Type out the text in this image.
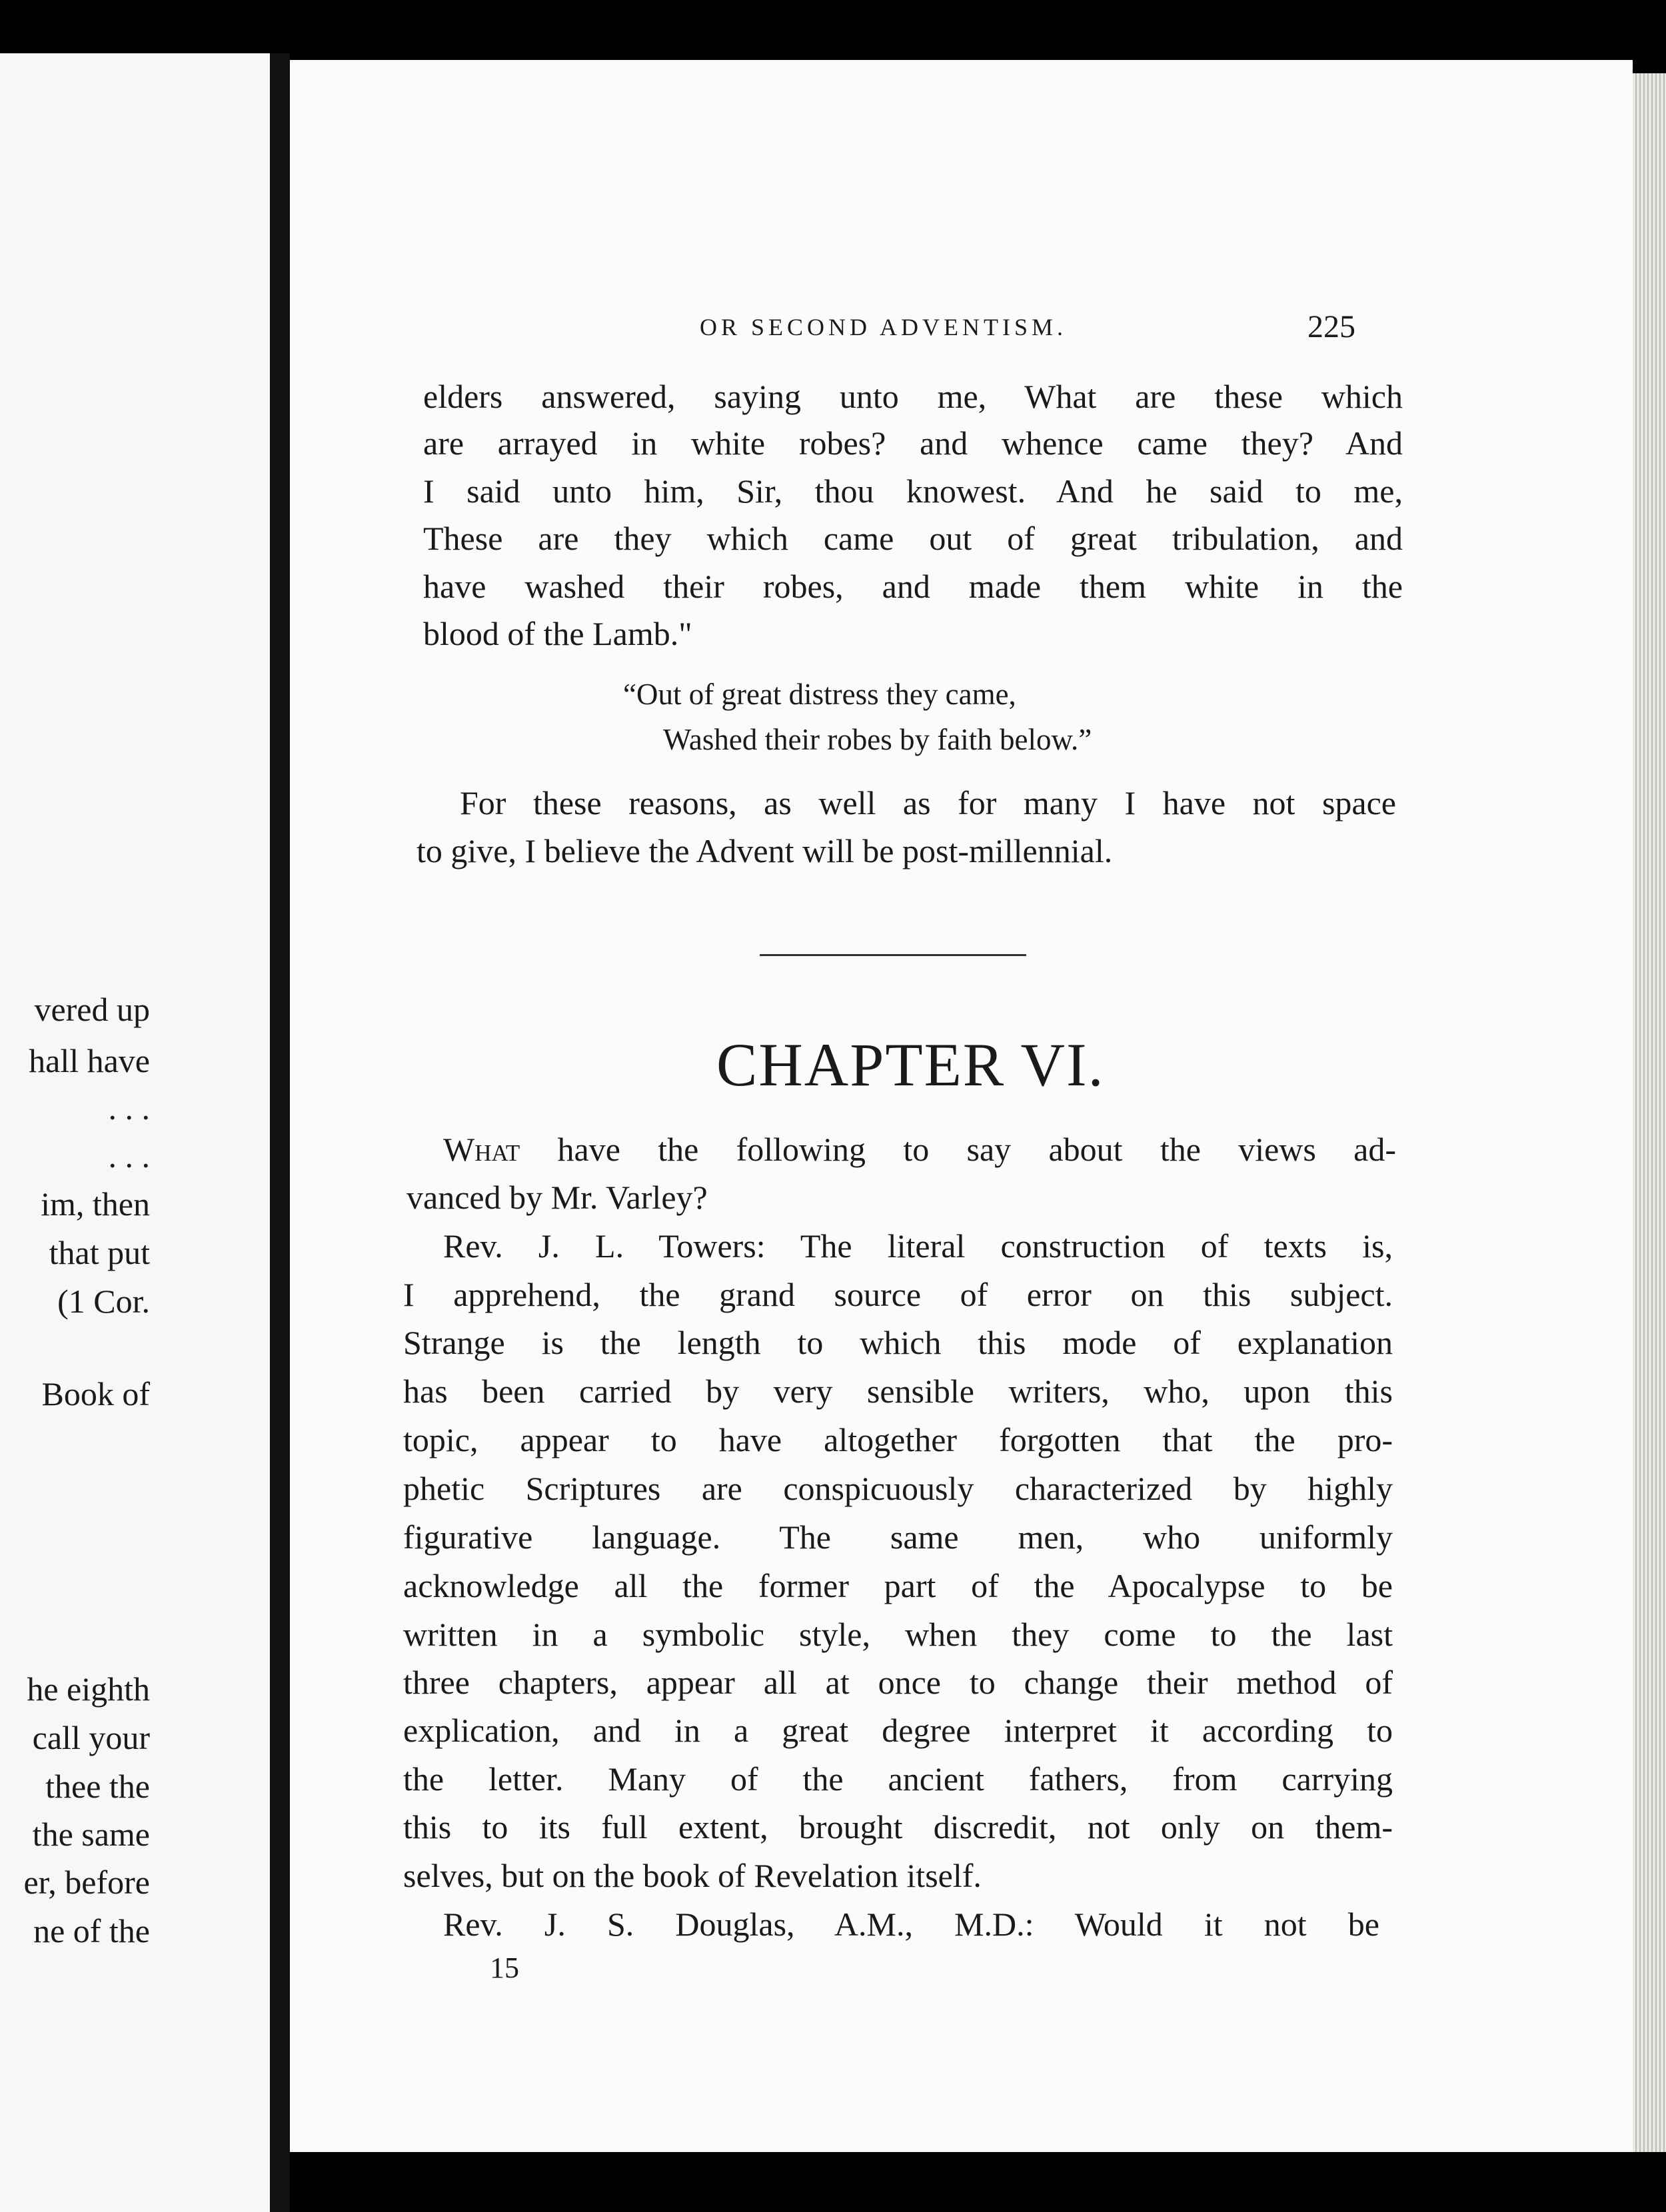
vered up
hall have
. . .
. . .
im, then
that put
(1 Cor.
Book of
he eighth
call your
thee the
the same
er, before
ne of the
OR SECOND ADVENTISM.	225
elders answered, saying unto me, What are these which
are arrayed in white robes? and whence came they? And
I said unto him, Sir, thou knowest. And he said to me,
These are they which came out of great tribulation, and
have washed their robes, and made them white in the
blood of the Lamb."
“Out of great distress they came,
Washed their robes by faith below.”
For these reasons, as well as for many I have not space
to give, I believe the Advent will be post-millennial.
CHAPTER VI.
What have the following to say about the views ad-
vanced by Mr. Varley?
Rev. J. L. Towers: The literal construction of texts is,
I apprehend, the grand source of error on this subject.
Strange is the length to which this mode of explanation
has been carried by very sensible writers, who, upon this
topic, appear to have altogether forgotten that the pro-
phetic Scriptures are conspicuously characterized by highly
figurative language. The same men, who uniformly
acknowledge all the former part of the Apocalypse to be
written in a symbolic style, when they come to the last
three chapters, appear all at once to change their method of
explication, and in a great degree interpret it according to
the letter. Many of the ancient fathers, from carrying
this to its full extent, brought discredit, not only on them-
selves, but on the book of Revelation itself.
Rev. J. S. Douglas, A.M., M.D.: Would it not be
15
